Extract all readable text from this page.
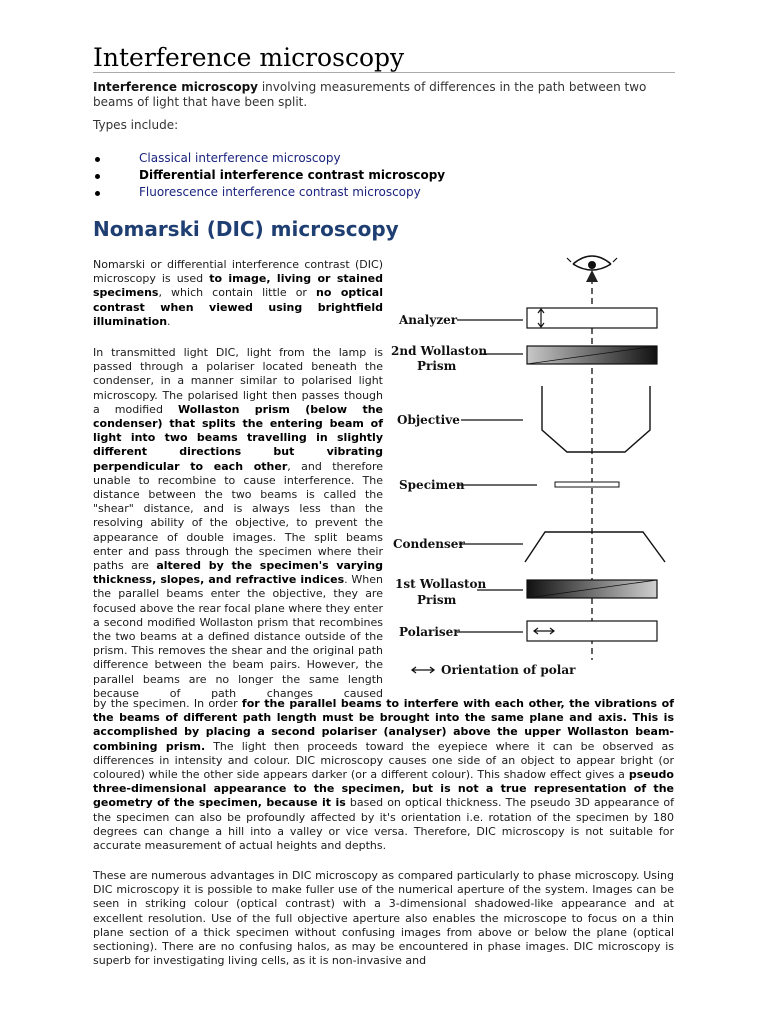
Interference microscopy

Interference microscopy involving measurements of differences in the path between two beams of light that have been split.

Types include:

Classical interference microscopy
Differential interference contrast microscopy
Fluorescence interference contrast microscopy
Nomarski (DIC) microscopy

Nomarski or differential interference contrast (DIC) microscopy is used to image, living or stained specimens, which contain little or no optical contrast when viewed using brightfield illumination.

In transmitted light DIC, light from the lamp is passed through a polariser located beneath the condenser, in a manner similar to polarised light microscopy. The polarised light then passes though a modified Wollaston prism (below the condenser) that splits the entering beam of light into two beams travelling in slightly different directions but vibrating perpendicular to each other, and therefore unable to recombine to cause interference. The distance between the two beams is called the "shear" distance, and is always less than the resolving ability of the objective, to prevent the appearance of double images. The split beams enter and pass through the specimen where their paths are altered by the specimen's varying thickness, slopes, and refractive indices. When the parallel beams enter the objective, they are focused above the rear focal plane where they enter a second modified Wollaston prism that recombines the two beams at a defined distance outside of the prism. This removes the shear and the original path difference between the beam pairs. However, the parallel beams are no longer the same length because of path changes caused

by the specimen. In order for the parallel beams to interfere with each other, the vibrations of the beams of different path length must be brought into the same plane and axis. This is accomplished by placing a second polariser (analyser) above the upper Wollaston beam-combining prism. The light then proceeds toward the eyepiece where it can be observed as differences in intensity and colour. DIC microscopy causes one side of an object to appear bright (or coloured) while the other side appears darker (or a different colour). This shadow effect gives a pseudo three-dimensional appearance to the specimen, but is not a true representation of the geometry of the specimen, because it is based on optical thickness. The pseudo 3D appearance of the specimen can also be profoundly affected by it's orientation i.e. rotation of the specimen by 180 degrees can change a hill into a valley or vice versa. Therefore, DIC microscopy is not suitable for accurate measurement of actual heights and depths.

These are numerous advantages in DIC microscopy as compared particularly to phase microscopy. Using DIC microscopy it is possible to make fuller use of the numerical aperture of the system. Images can be seen in striking colour (optical contrast) with a 3-dimensional shadowed-like appearance and at excellent resolution. Use of the full objective aperture also enables the microscope to focus on a thin plane section of a thick specimen without confusing images from above or below the plane (optical sectioning). There are no confusing halos, as may be encountered in phase images. DIC microscopy is superb for investigating living cells, as it is non-invasive and

Analyzer
2nd Wollaston
Prism
Objective
Specimen
Condenser
1st Wollaston
Prism
Polariser
Orientation of polar
